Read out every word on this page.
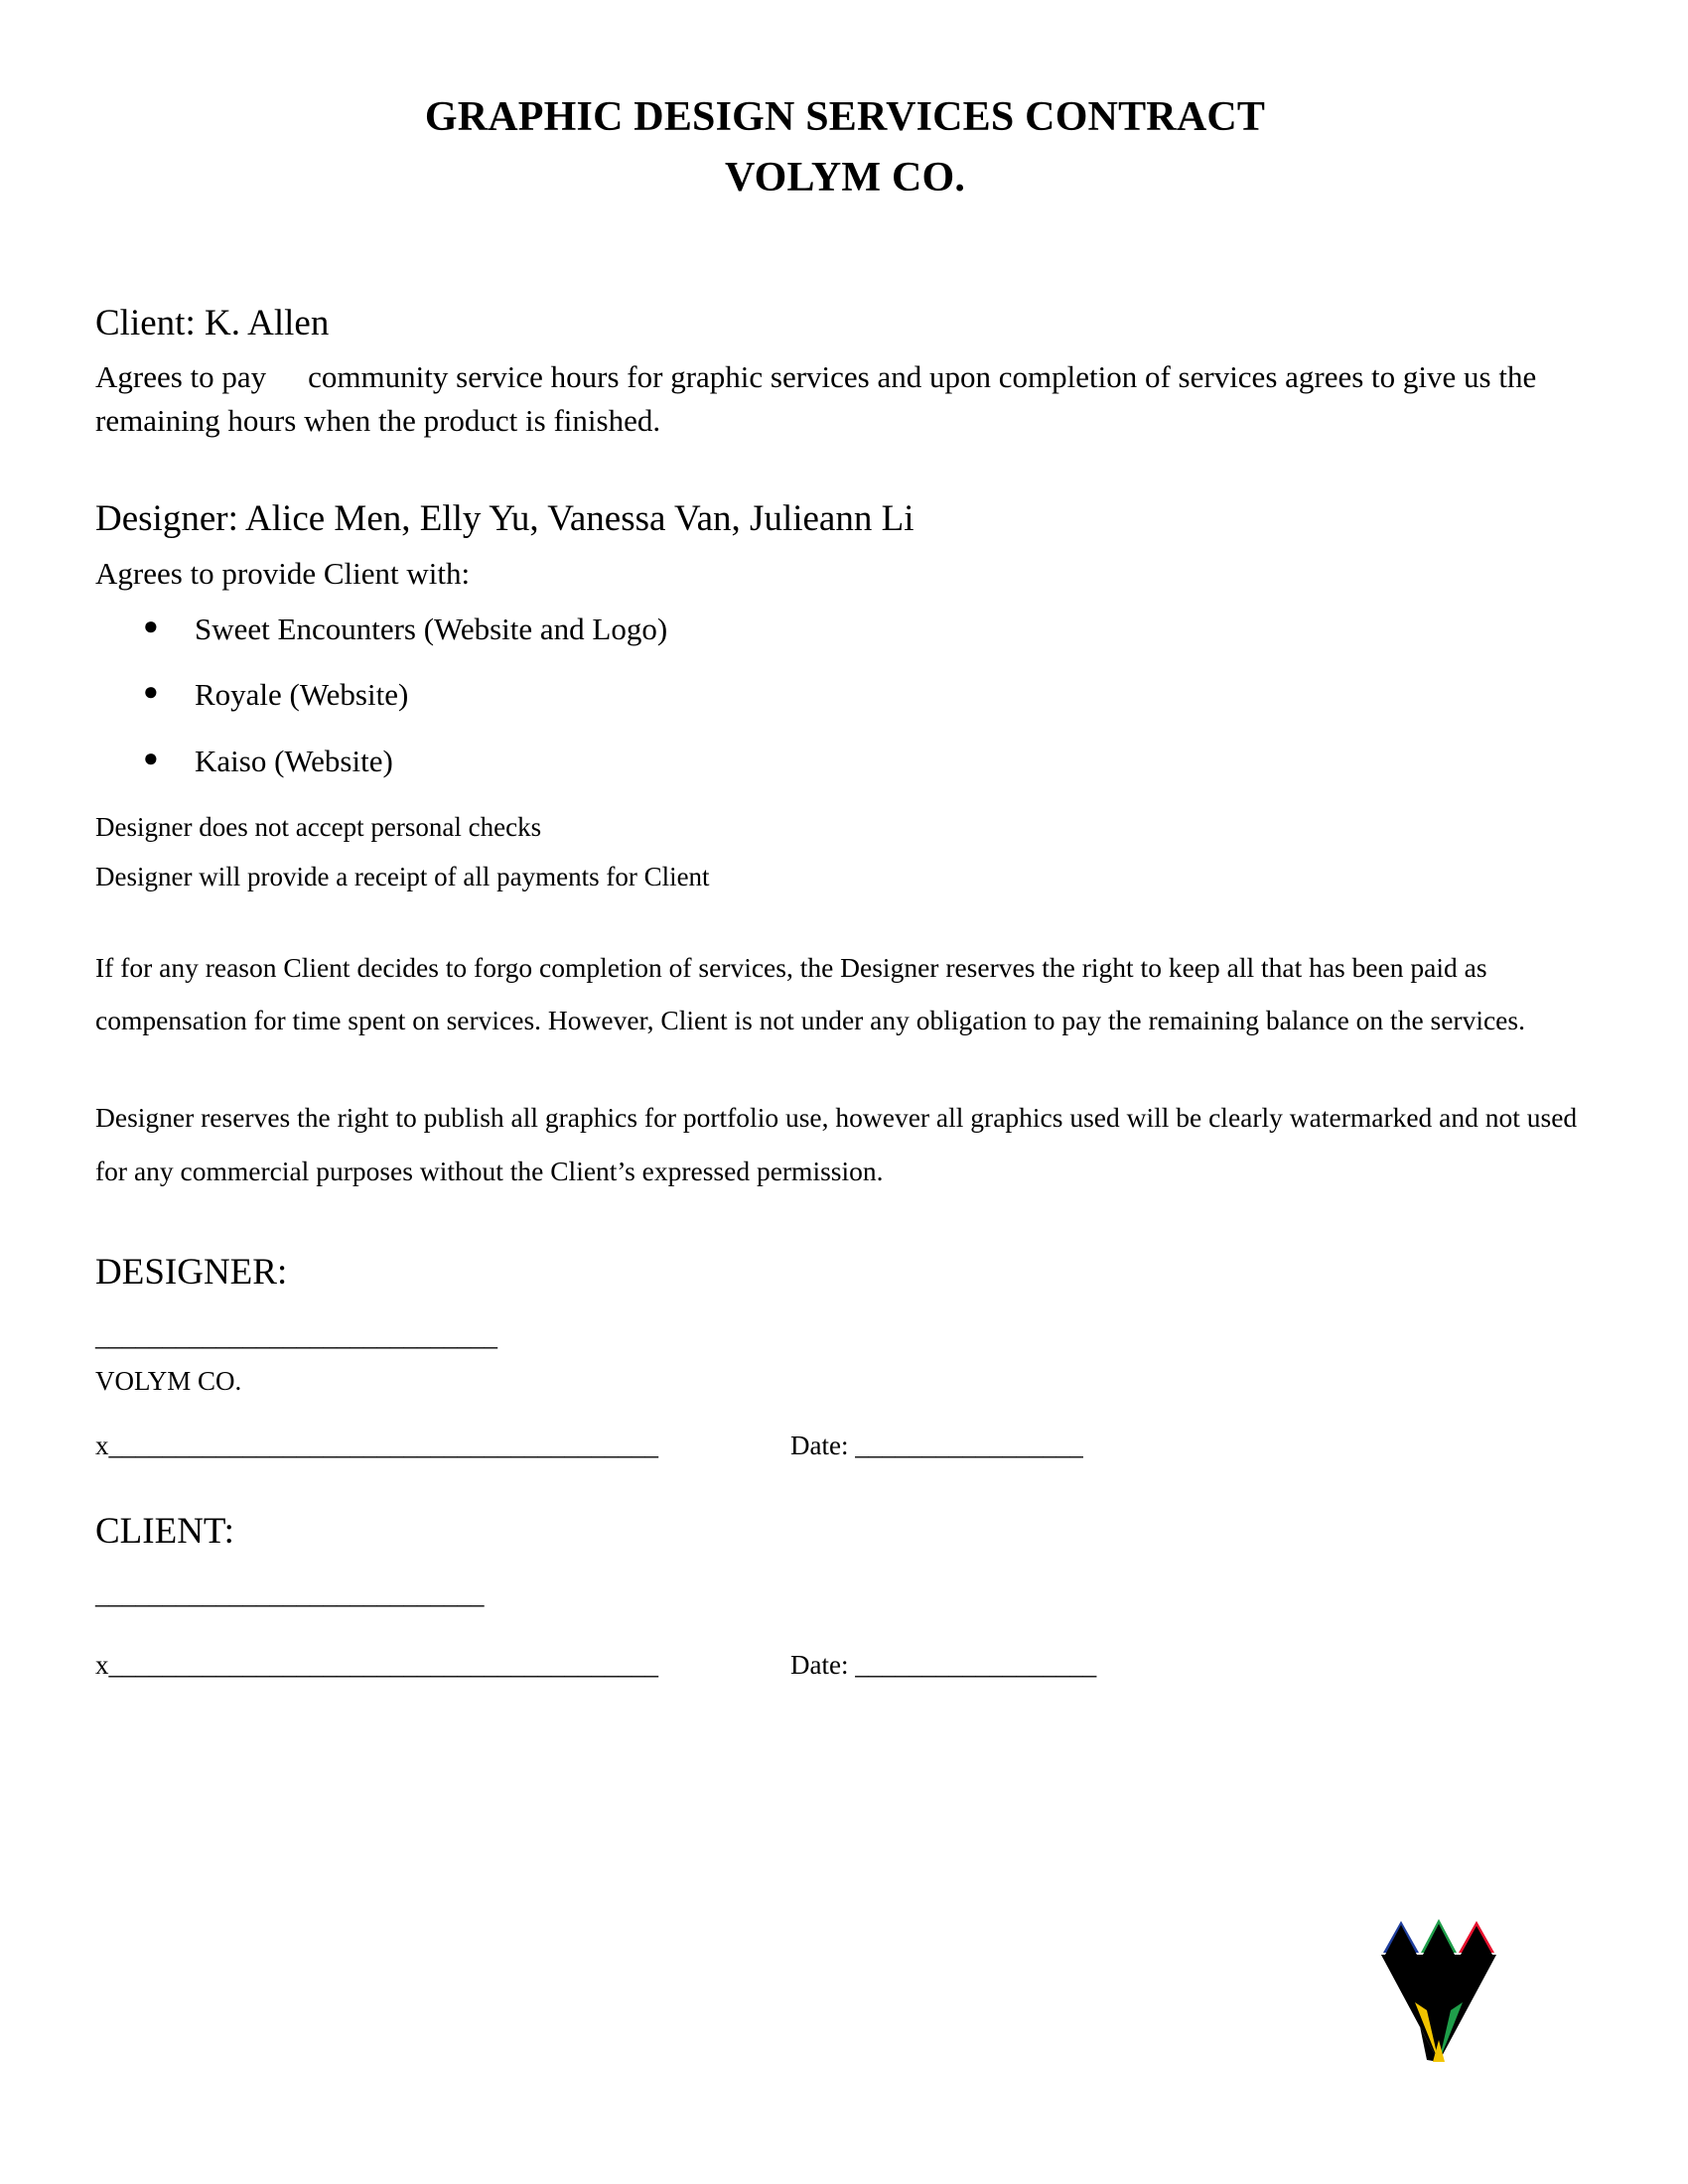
GRAPHIC DESIGN SERVICES CONTRACT
VOLYM CO.
Client: K. Allen
Agrees to pay community service hours for graphic services and upon completion of services agrees to give us the remaining hours when the product is finished.
Designer: Alice Men, Elly Yu, Vanessa Van, Julieann Li
Agrees to provide Client with:
● Sweet Encounters (Website and Logo)
● Royale (Website)
● Kaiso (Website)
Designer does not accept personal checks
Designer will provide a receipt of all payments for Client
If for any reason Client decides to forgo completion of services, the Designer reserves the right to keep all that has been paid as compensation for time spent on services. However, Client is not under any obligation to pay the remaining balance on the services.
Designer reserves the right to publish all graphics for portfolio use, however all graphics used will be clearly watermarked and not used for any commercial purposes without the Client’s expressed permission.
DESIGNER:
______________________________
VOLYM CO.
x_________________________________________	Date: _________________
CLIENT:
_____________________________
x_________________________________________	Date: __________________
